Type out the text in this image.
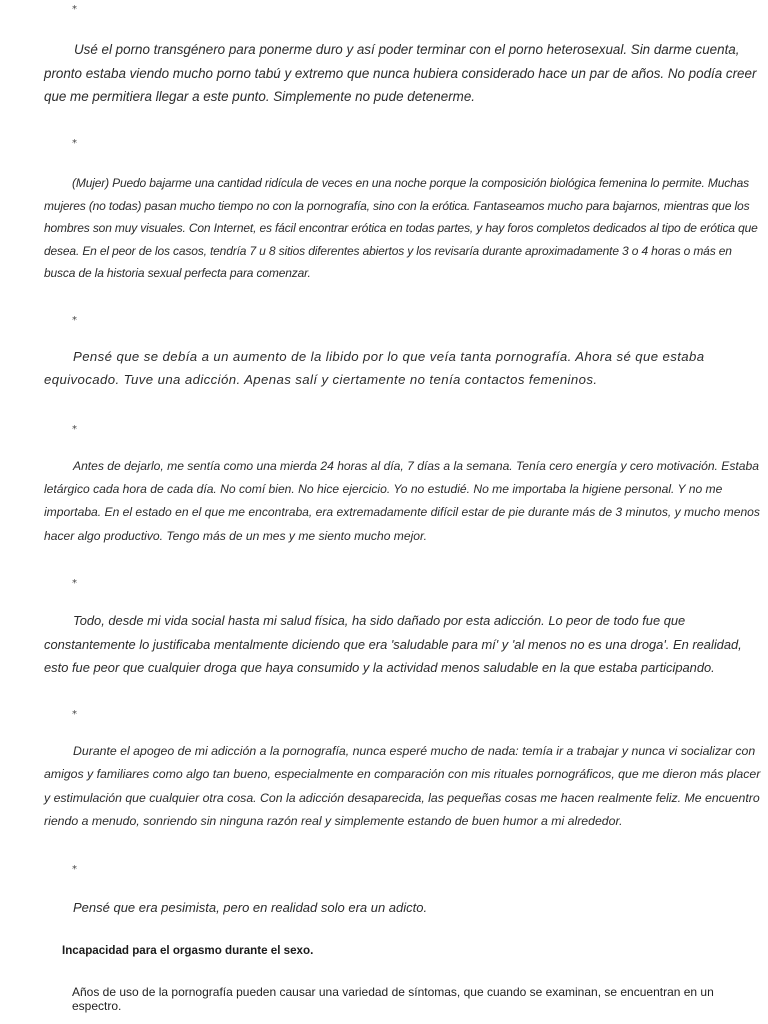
*

Usé el porno transgénero para ponerme duro y así poder terminar con el porno heterosexual. Sin darme cuenta, pronto estaba viendo mucho porno tabú y extremo que nunca hubiera considerado hace un par de años. No podía creer que me permitiera llegar a este punto. Simplemente no pude detenerme.

*

(Mujer) Puedo bajarme una cantidad ridícula de veces en una noche porque la composición biológica femenina lo permite. Muchas mujeres (no todas) pasan mucho tiempo no con la pornografía, sino con la erótica. Fantaseamos mucho para bajarnos, mientras que los hombres son muy visuales. Con Internet, es fácil encontrar erótica en todas partes, y hay foros completos dedicados al tipo de erótica que desea. En el peor de los casos, tendría 7 u 8 sitios diferentes abiertos y los revisaría durante aproximadamente 3 o 4 horas o más en busca de la historia sexual perfecta para comenzar.

*

Pensé que se debía a un aumento de la libido por lo que veía tanta pornografía. Ahora sé que estaba equivocado. Tuve una adicción. Apenas salí y ciertamente no tenía contactos femeninos.

*

Antes de dejarlo, me sentía como una mierda 24 horas al día, 7 días a la semana. Tenía cero energía y cero motivación. Estaba letárgico cada hora de cada día. No comí bien. No hice ejercicio. Yo no estudié. No me importaba la higiene personal. Y no me importaba. En el estado en el que me encontraba, era extremadamente difícil estar de pie durante más de 3 minutos, y mucho menos hacer algo productivo. Tengo más de un mes y me siento mucho mejor.

*

Todo, desde mi vida social hasta mi salud física, ha sido dañado por esta adicción. Lo peor de todo fue que constantemente lo justificaba mentalmente diciendo que era 'saludable para mí' y 'al menos no es una droga'. En realidad, esto fue peor que cualquier droga que haya consumido y la actividad menos saludable en la que estaba participando.

*

Durante el apogeo de mi adicción a la pornografía, nunca esperé mucho de nada: temía ir a trabajar y nunca vi socializar con amigos y familiares como algo tan bueno, especialmente en comparación con mis rituales pornográficos, que me dieron más placer y estimulación que cualquier otra cosa. Con la adicción desaparecida, las pequeñas cosas me hacen realmente feliz. Me encuentro riendo a menudo, sonriendo sin ninguna razón real y simplemente estando de buen humor a mi alrededor.

*

Pensé que era pesimista, pero en realidad solo era un adicto.

Incapacidad para el orgasmo durante el sexo.

Años de uso de la pornografía pueden causar una variedad de síntomas, que cuando se examinan, se encuentran en un espectro.
